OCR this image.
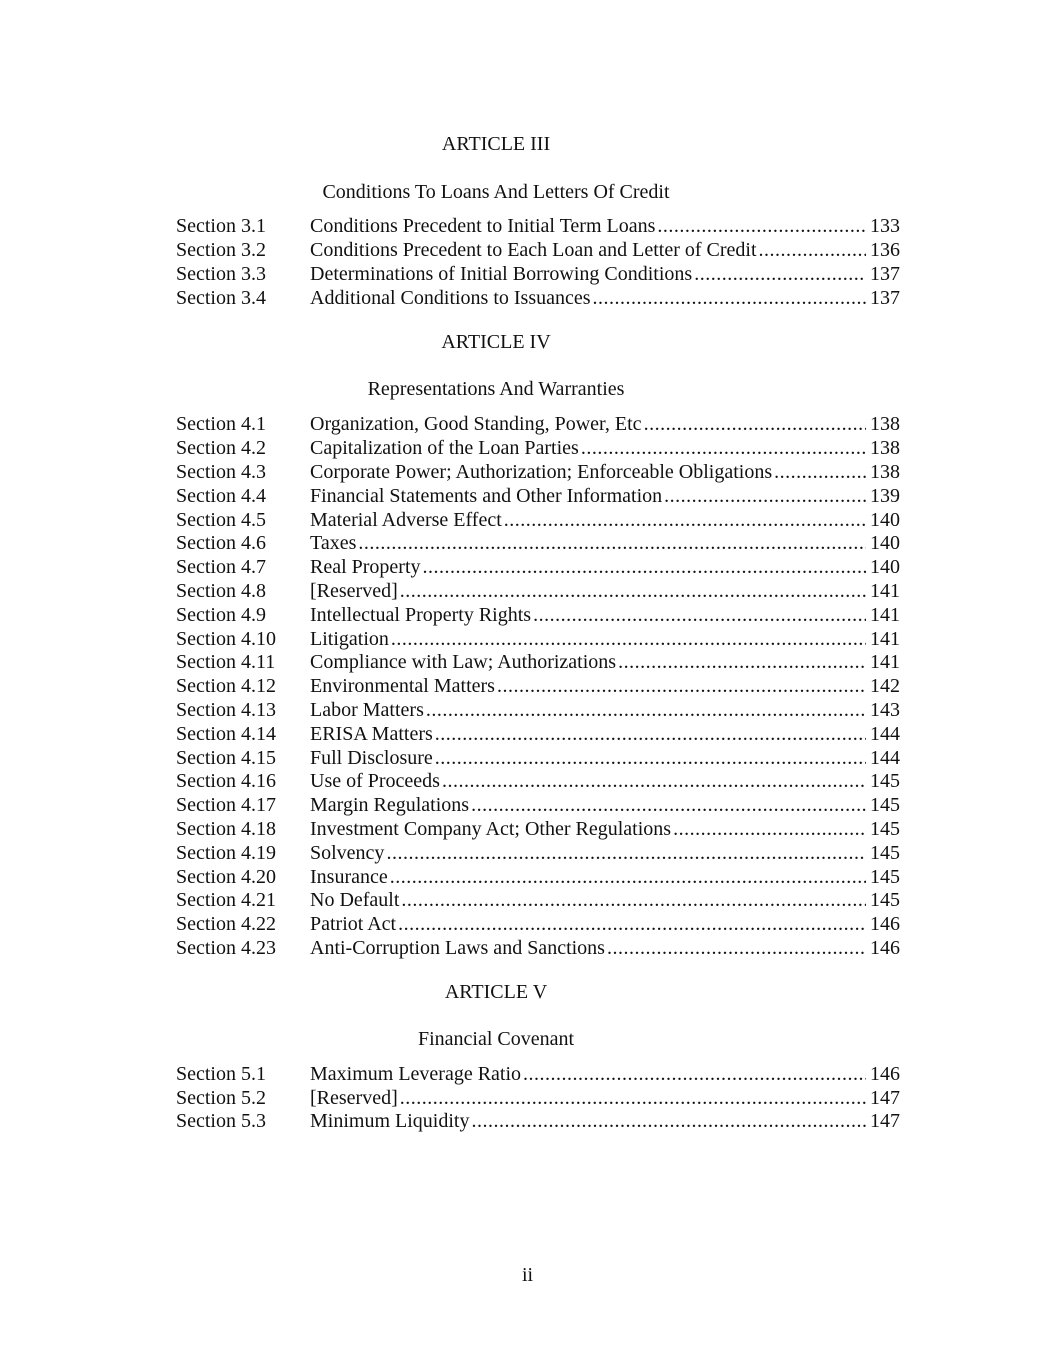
ARTICLE III
Conditions To Loans And Letters Of Credit
Section 3.1	Conditions Precedent to Initial Term Loans .....	133
Section 3.2	Conditions Precedent to Each Loan and Letter of Credit .....	136
Section 3.3	Determinations of Initial Borrowing Conditions .....	137
Section 3.4	Additional Conditions to Issuances .....	137
ARTICLE IV
Representations And Warranties
Section 4.1	Organization, Good Standing, Power, Etc .....	138
Section 4.2	Capitalization of the Loan Parties .....	138
Section 4.3	Corporate Power; Authorization; Enforceable Obligations .....	138
Section 4.4	Financial Statements and Other Information .....	139
Section 4.5	Material Adverse Effect .....	140
Section 4.6	Taxes .....	140
Section 4.7	Real Property .....	140
Section 4.8	[Reserved] .....	141
Section 4.9	Intellectual Property Rights .....	141
Section 4.10	Litigation .....	141
Section 4.11	Compliance with Law; Authorizations .....	141
Section 4.12	Environmental Matters .....	142
Section 4.13	Labor Matters .....	143
Section 4.14	ERISA Matters .....	144
Section 4.15	Full Disclosure .....	144
Section 4.16	Use of Proceeds .....	145
Section 4.17	Margin Regulations .....	145
Section 4.18	Investment Company Act; Other Regulations .....	145
Section 4.19	Solvency .....	145
Section 4.20	Insurance .....	145
Section 4.21	No Default .....	145
Section 4.22	Patriot Act .....	146
Section 4.23	Anti-Corruption Laws and Sanctions .....	146
ARTICLE V
Financial Covenant
Section 5.1	Maximum Leverage Ratio .....	146
Section 5.2	[Reserved] .....	147
Section 5.3	Minimum Liquidity .....	147
ii
